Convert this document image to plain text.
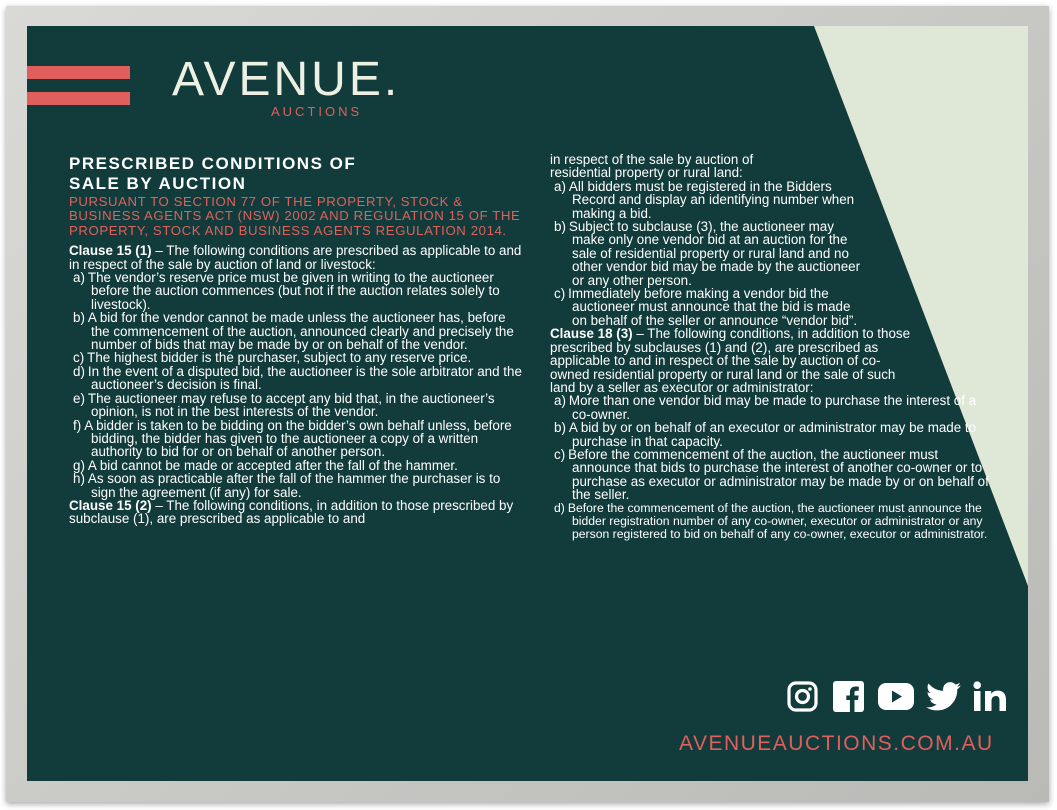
AVENUE.
AUCTIONS
PRESCRIBED CONDITIONS OF
SALE BY AUCTION
PURSUANT TO SECTION 77 OF THE PROPERTY, STOCK & BUSINESS AGENTS ACT (NSW) 2002 AND REGULATION 15 OF THE PROPERTY, STOCK AND BUSINESS AGENTS REGULATION 2014.

Clause 15 (1) – The following conditions are prescribed as applicable to and in respect of the sale by auction of land or livestock:

a) The vendor’s reserve price must be given in writing to the auctioneer before the auction commences (but not if the auction relates solely to livestock).
b) A bid for the vendor cannot be made unless the auctioneer has, before the commencement of the auction, announced clearly and precisely the number of bids that may be made by or on behalf of the vendor.
c) The highest bidder is the purchaser, subject to any reserve price.
d) In the event of a disputed bid, the auctioneer is the sole arbitrator and the auctioneer’s decision is final.
e) The auctioneer may refuse to accept any bid that, in the auctioneer’s opinion, is not in the best interests of the vendor.
f) A bidder is taken to be bidding on the bidder’s own behalf unless, before bidding, the bidder has given to the auctioneer a copy of a written authority to bid for or on behalf of another person.
g) A bid cannot be made or accepted after the fall of the hammer.
h) As soon as practicable after the fall of the hammer the purchaser is to sign the agreement (if any) for sale.

Clause 15 (2) – The following conditions, in addition to those prescribed by subclause (1), are prescribed as applicable to and

in respect of the sale by auction of residential property or rural land:

a) All bidders must be registered in the Bidders Record and display an identifying number when making a bid.
b) Subject to subclause (3), the auctioneer may make only one vendor bid at an auction for the sale of residential property or rural land and no other vendor bid may be made by the auctioneer or any other person.
c) Immediately before making a vendor bid the auctioneer must announce that the bid is made on behalf of the seller or announce “vendor bid”.

Clause 18 (3) – The following conditions, in addition to those prescribed by subclauses (1) and (2), are prescribed as applicable to and in respect of the sale by auction of co-owned residential property or rural land or the sale of such land by a seller as executor or administrator:

a) More than one vendor bid may be made to purchase the interest of a co-owner.
b) A bid by or on behalf of an executor or administrator may be made to purchase in that capacity.
c) Before the commencement of the auction, the auctioneer must announce that bids to purchase the interest of another co-owner or to purchase as executor or administrator may be made by or on behalf of the seller.
d) Before the commencement of the auction, the auctioneer must announce the bidder registration number of any co-owner, executor or administrator or any person registered to bid on behalf of any co-owner, executor or administrator.
AVENUEAUCTIONS.COM.AU
